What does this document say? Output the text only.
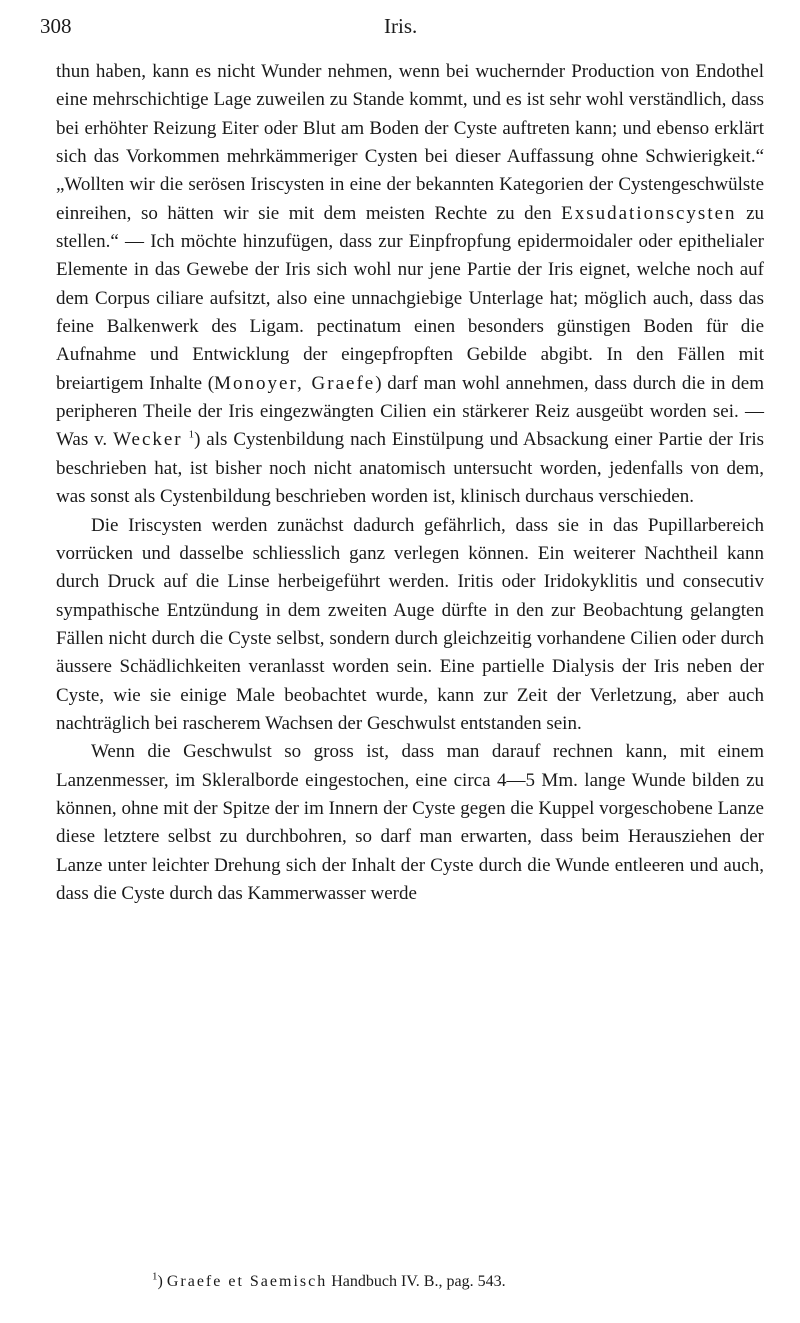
308	Iris.

thun haben, kann es nicht Wunder nehmen, wenn bei wuchernder Production von Endothel eine mehrschichtige Lage zuweilen zu Stande kommt, und es ist sehr wohl verständlich, dass bei erhöhter Reizung Eiter oder Blut am Boden der Cyste auftreten kann; und ebenso erklärt sich das Vorkommen mehrkämmeriger Cysten bei dieser Auffassung ohne Schwierigkeit.“ „Wollten wir die serösen Iriscysten in eine der bekannten Kategorien der Cystengeschwülste einreihen, so hätten wir sie mit dem meisten Rechte zu den Exsudationscysten zu stellen.“ — Ich möchte hinzufügen, dass zur Einpfropfung epidermoidaler oder epithelialer Elemente in das Gewebe der Iris sich wohl nur jene Partie der Iris eignet, welche noch auf dem Corpus ciliare aufsitzt, also eine unnachgiebige Unterlage hat; möglich auch, dass das feine Balkenwerk des Ligam. pectinatum einen besonders günstigen Boden für die Aufnahme und Entwicklung der eingepfropften Gebilde abgibt. In den Fällen mit breiartigem Inhalte (Monoyer, Graefe) darf man wohl annehmen, dass durch die in dem peripheren Theile der Iris eingezwängten Cilien ein stärkerer Reiz ausgeübt worden sei. — Was v. Wecker $^1$) als Cystenbildung nach Einstülpung und Absackung einer Partie der Iris beschrieben hat, ist bisher noch nicht anatomisch untersucht worden, jedenfalls von dem, was sonst als Cystenbildung beschrieben worden ist, klinisch durchaus verschieden.

Die Iriscysten werden zunächst dadurch gefährlich, dass sie in das Pupillarbereich vorrücken und dasselbe schliesslich ganz verlegen können. Ein weiterer Nachtheil kann durch Druck auf die Linse herbeigeführt werden. Iritis oder Iridokyklitis und consecutiv sympathische Entzündung in dem zweiten Auge dürfte in den zur Beobachtung gelangten Fällen nicht durch die Cyste selbst, sondern durch gleichzeitig vorhandene Cilien oder durch äussere Schädlichkeiten veranlasst worden sein. Eine partielle Dialysis der Iris neben der Cyste, wie sie einige Male beobachtet wurde, kann zur Zeit der Verletzung, aber auch nachträglich bei rascherem Wachsen der Geschwulst entstanden sein.

Wenn die Geschwulst so gross ist, dass man darauf rechnen kann, mit einem Lanzenmesser, im Skleralborde eingestochen, eine circa 4—5 Mm. lange Wunde bilden zu können, ohne mit der Spitze der im Innern der Cyste gegen die Kuppel vorgeschobene Lanze diese letztere selbst zu durchbohren, so darf man erwarten, dass beim Herausziehen der Lanze unter leichter Drehung sich der Inhalt der Cyste durch die Wunde entleeren und auch, dass die Cyste durch das Kammerwasser werde

$^1$) Graefe et Saemisch Handbuch IV. B., pag. 543.
